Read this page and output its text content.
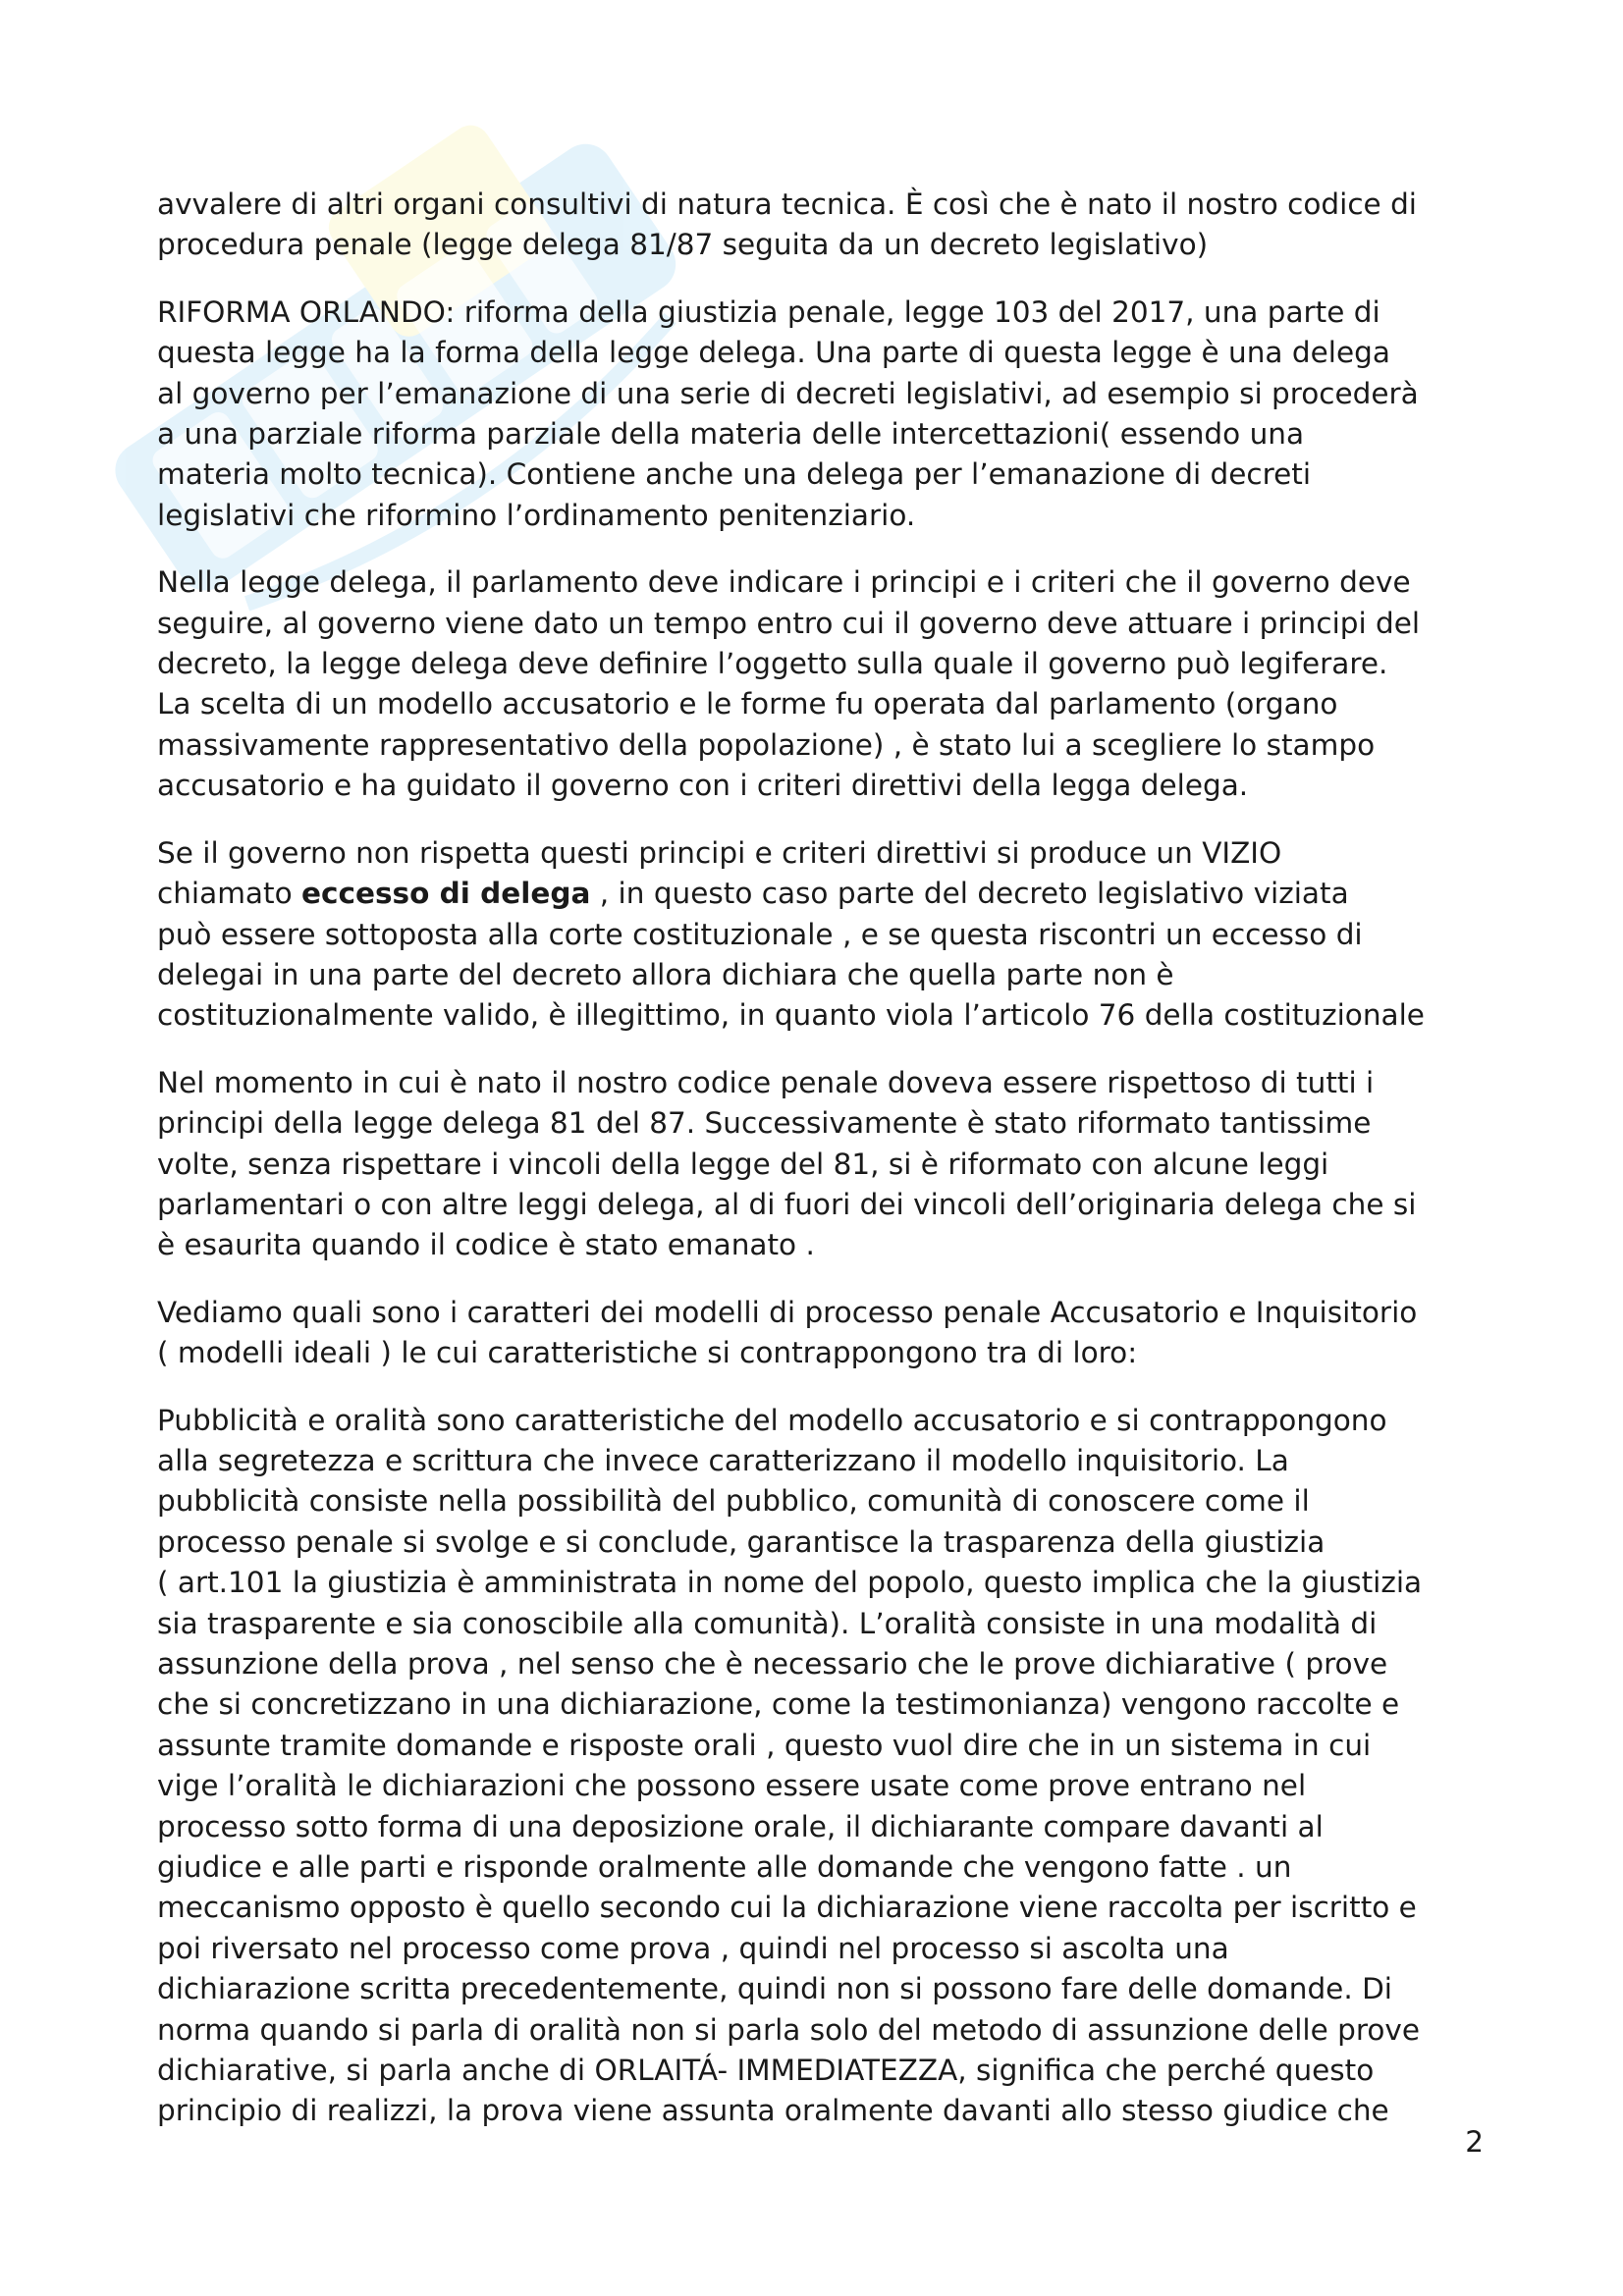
avvalere di altri organi consultivi di natura tecnica. È così che è nato il nostro codice di
procedura penale (legge delega 81/87 seguita da un decreto legislativo)

RIFORMA ORLANDO: riforma della giustizia penale, legge 103 del 2017, una parte di
questa legge ha la forma della legge delega. Una parte di questa legge è una delega
al governo per l’emanazione di una serie di decreti legislativi, ad esempio si procederà
a una parziale riforma parziale della materia delle intercettazioni( essendo una
materia molto tecnica). Contiene anche una delega per l’emanazione di decreti
legislativi che riformino l’ordinamento penitenziario.

Nella legge delega, il parlamento deve indicare i principi e i criteri che il governo deve
seguire, al governo viene dato un tempo entro cui il governo deve attuare i principi del
decreto, la legge delega deve definire l’oggetto sulla quale il governo può legiferare.
La scelta di un modello accusatorio e le forme fu operata dal parlamento (organo
massivamente rappresentativo della popolazione) , è stato lui a scegliere lo stampo
accusatorio e ha guidato il governo con i criteri direttivi della legga delega.

Se il governo non rispetta questi principi e criteri direttivi si produce un VIZIO
chiamato eccesso di delega , in questo caso parte del decreto legislativo viziata
può essere sottoposta alla corte costituzionale , e se questa riscontri un eccesso di
delegai in una parte del decreto allora dichiara che quella parte non è
costituzionalmente valido, è illegittimo, in quanto viola l’articolo 76 della costituzionale

Nel momento in cui è nato il nostro codice penale doveva essere rispettoso di tutti i
principi della legge delega 81 del 87. Successivamente è stato riformato tantissime
volte, senza rispettare i vincoli della legge del 81, si è riformato con alcune leggi
parlamentari o con altre leggi delega, al di fuori dei vincoli dell’originaria delega che si
è esaurita quando il codice è stato emanato .

Vediamo quali sono i caratteri dei modelli di processo penale Accusatorio e Inquisitorio
( modelli ideali ) le cui caratteristiche si contrappongono tra di loro:

Pubblicità e oralità sono caratteristiche del modello accusatorio e si contrappongono
alla segretezza e scrittura che invece caratterizzano il modello inquisitorio. La
pubblicità consiste nella possibilità del pubblico, comunità di conoscere come il
processo penale si svolge e si conclude, garantisce la trasparenza della giustizia
( art.101 la giustizia è amministrata in nome del popolo, questo implica che la giustizia
sia trasparente e sia conoscibile alla comunità). L’oralità consiste in una modalità di
assunzione della prova , nel senso che è necessario che le prove dichiarative ( prove
che si concretizzano in una dichiarazione, come la testimonianza) vengono raccolte e
assunte tramite domande e risposte orali , questo vuol dire che in un sistema in cui
vige l’oralità le dichiarazioni che possono essere usate come prove entrano nel
processo sotto forma di una deposizione orale, il dichiarante compare davanti al
giudice e alle parti e risponde oralmente alle domande che vengono fatte . un
meccanismo opposto è quello secondo cui la dichiarazione viene raccolta per iscritto e
poi riversato nel processo come prova , quindi nel processo si ascolta una
dichiarazione scritta precedentemente, quindi non si possono fare delle domande. Di
norma quando si parla di oralità non si parla solo del metodo di assunzione delle prove
dichiarative, si parla anche di ORLAITÁ- IMMEDIATEZZA, significa che perché questo
principio di realizzi, la prova viene assunta oralmente davanti allo stesso giudice che

2
